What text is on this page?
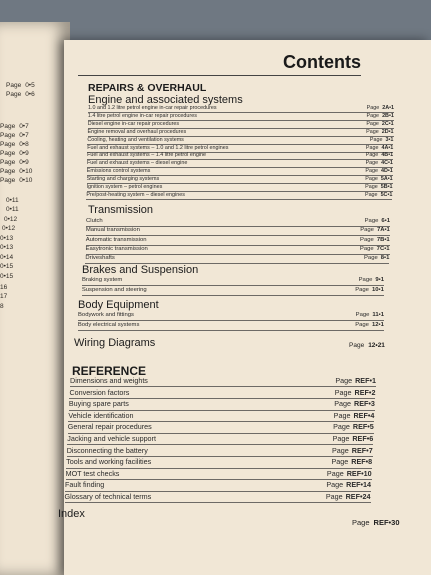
Page 0•5
Page 0•6
Page 0•7
Page 0•7
Page 0•8
Page 0•9
Page 0•9
Page 0•10
Page 0•10
0•11
0•11
0•12
0•12
0•13
0•13
0•14
0•15
0•15
16
17
8
Contents
REPAIRS & OVERHAUL
Engine and associated systems
1.0 and 1.2 litre petrol engine in-car repair procedures	Page 2A•1
1.4 litre petrol engine in-car repair procedures	Page 2B•1
Diesel engine in-car repair procedures	Page 2C•1
Engine removal and overhaul procedures	Page 2D•1
Cooling, heating and ventilation systems	Page 3•1
Fuel and exhaust systems – 1.0 and 1.2 litre petrol engines	Page 4A•1
Fuel and exhaust systems – 1.4 litre petrol engine	Page 4B•1
Fuel and exhaust systems – diesel engine	Page 4C•1
Emissions control systems	Page 4D•1
Starting and charging systems	Page 5A•1
Ignition system – petrol engines	Page 5B•1
Pre/post-heating system – diesel engines	Page 5C•1
Transmission
Clutch	Page 6•1
Manual transmission	Page 7A•1
Automatic transmission	Page 7B•1
Easytronic transmission	Page 7C•1
Driveshafts	Page 8•1
Brakes and Suspension
Braking system	Page 9•1
Suspension and steering	Page 10•1
Body Equipment
Bodywork and fittings	Page 11•1
Body electrical systems	Page 12•1
Wiring Diagrams	Page 12•21
REFERENCE
Dimensions and weights	Page REF•1
Conversion factors	Page REF•2
Buying spare parts	Page REF•3
Vehicle identification	Page REF•4
General repair procedures	Page REF•5
Jacking and vehicle support	Page REF•6
Disconnecting the battery	Page REF•7
Tools and working facilities	Page REF•8
MOT test checks	Page REF•10
Fault finding	Page REF•14
Glossary of technical terms	Page REF•24
Index
Page REF•30
